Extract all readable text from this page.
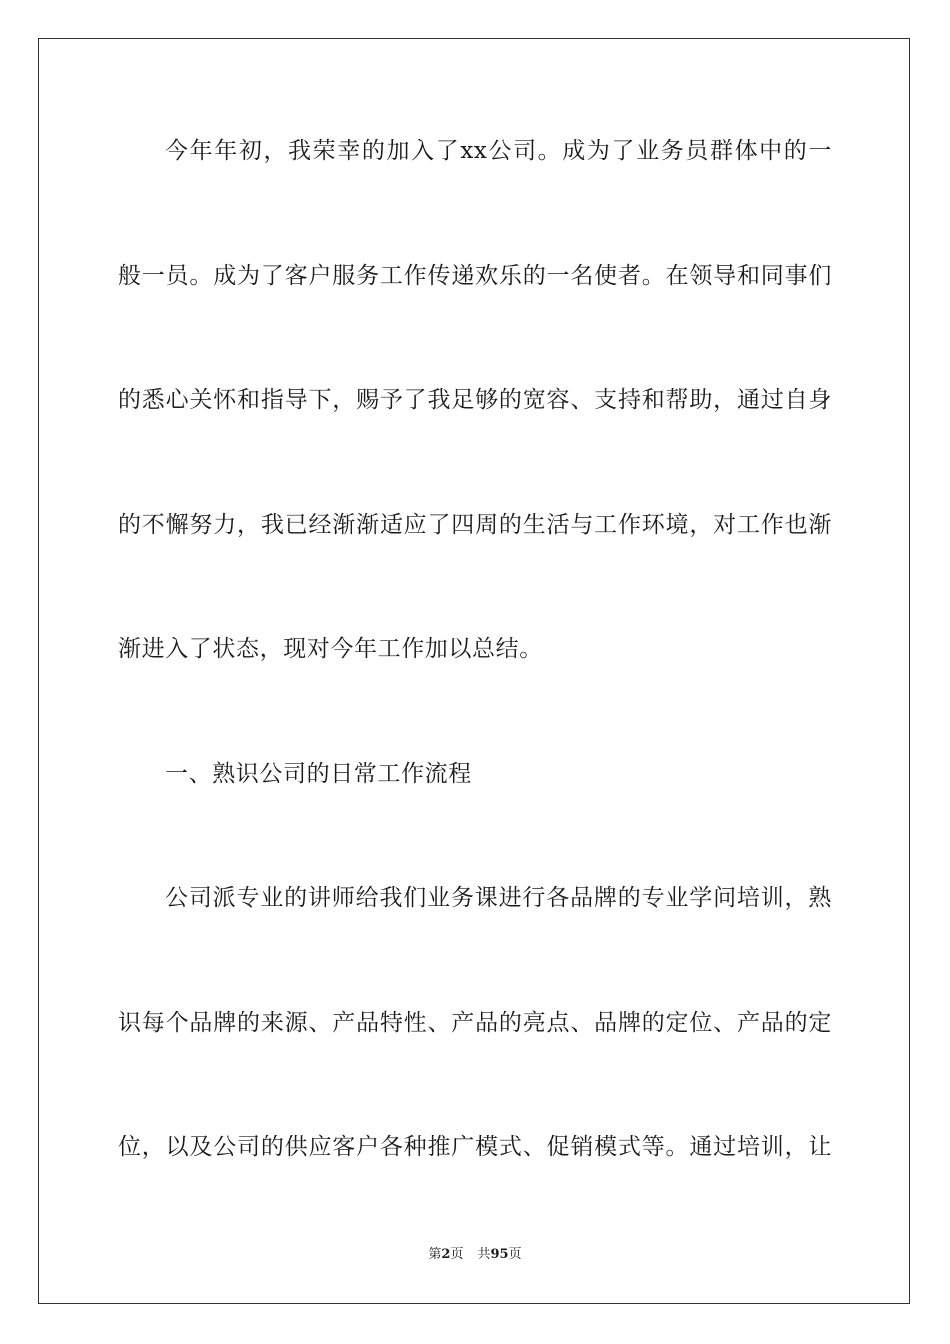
今年年初，我荣幸的加入了xx公司。成为了业务员群体中的一
般一员。成为了客户服务工作传递欢乐的一名使者。在领导和同事们
的悉心关怀和指导下，赐予了我足够的宽容、支持和帮助，通过自身
的不懈努力，我已经渐渐适应了四周的生活与工作环境，对工作也渐
渐进入了状态，现对今年工作加以总结。
一、熟识公司的日常工作流程
公司派专业的讲师给我们业务课进行各品牌的专业学问培训，熟
识每个品牌的来源、产品特性、产品的亮点、品牌的定位、产品的定
位，以及公司的供应客户各种推广模式、促销模式等。通过培训，让
第2页 共95页
